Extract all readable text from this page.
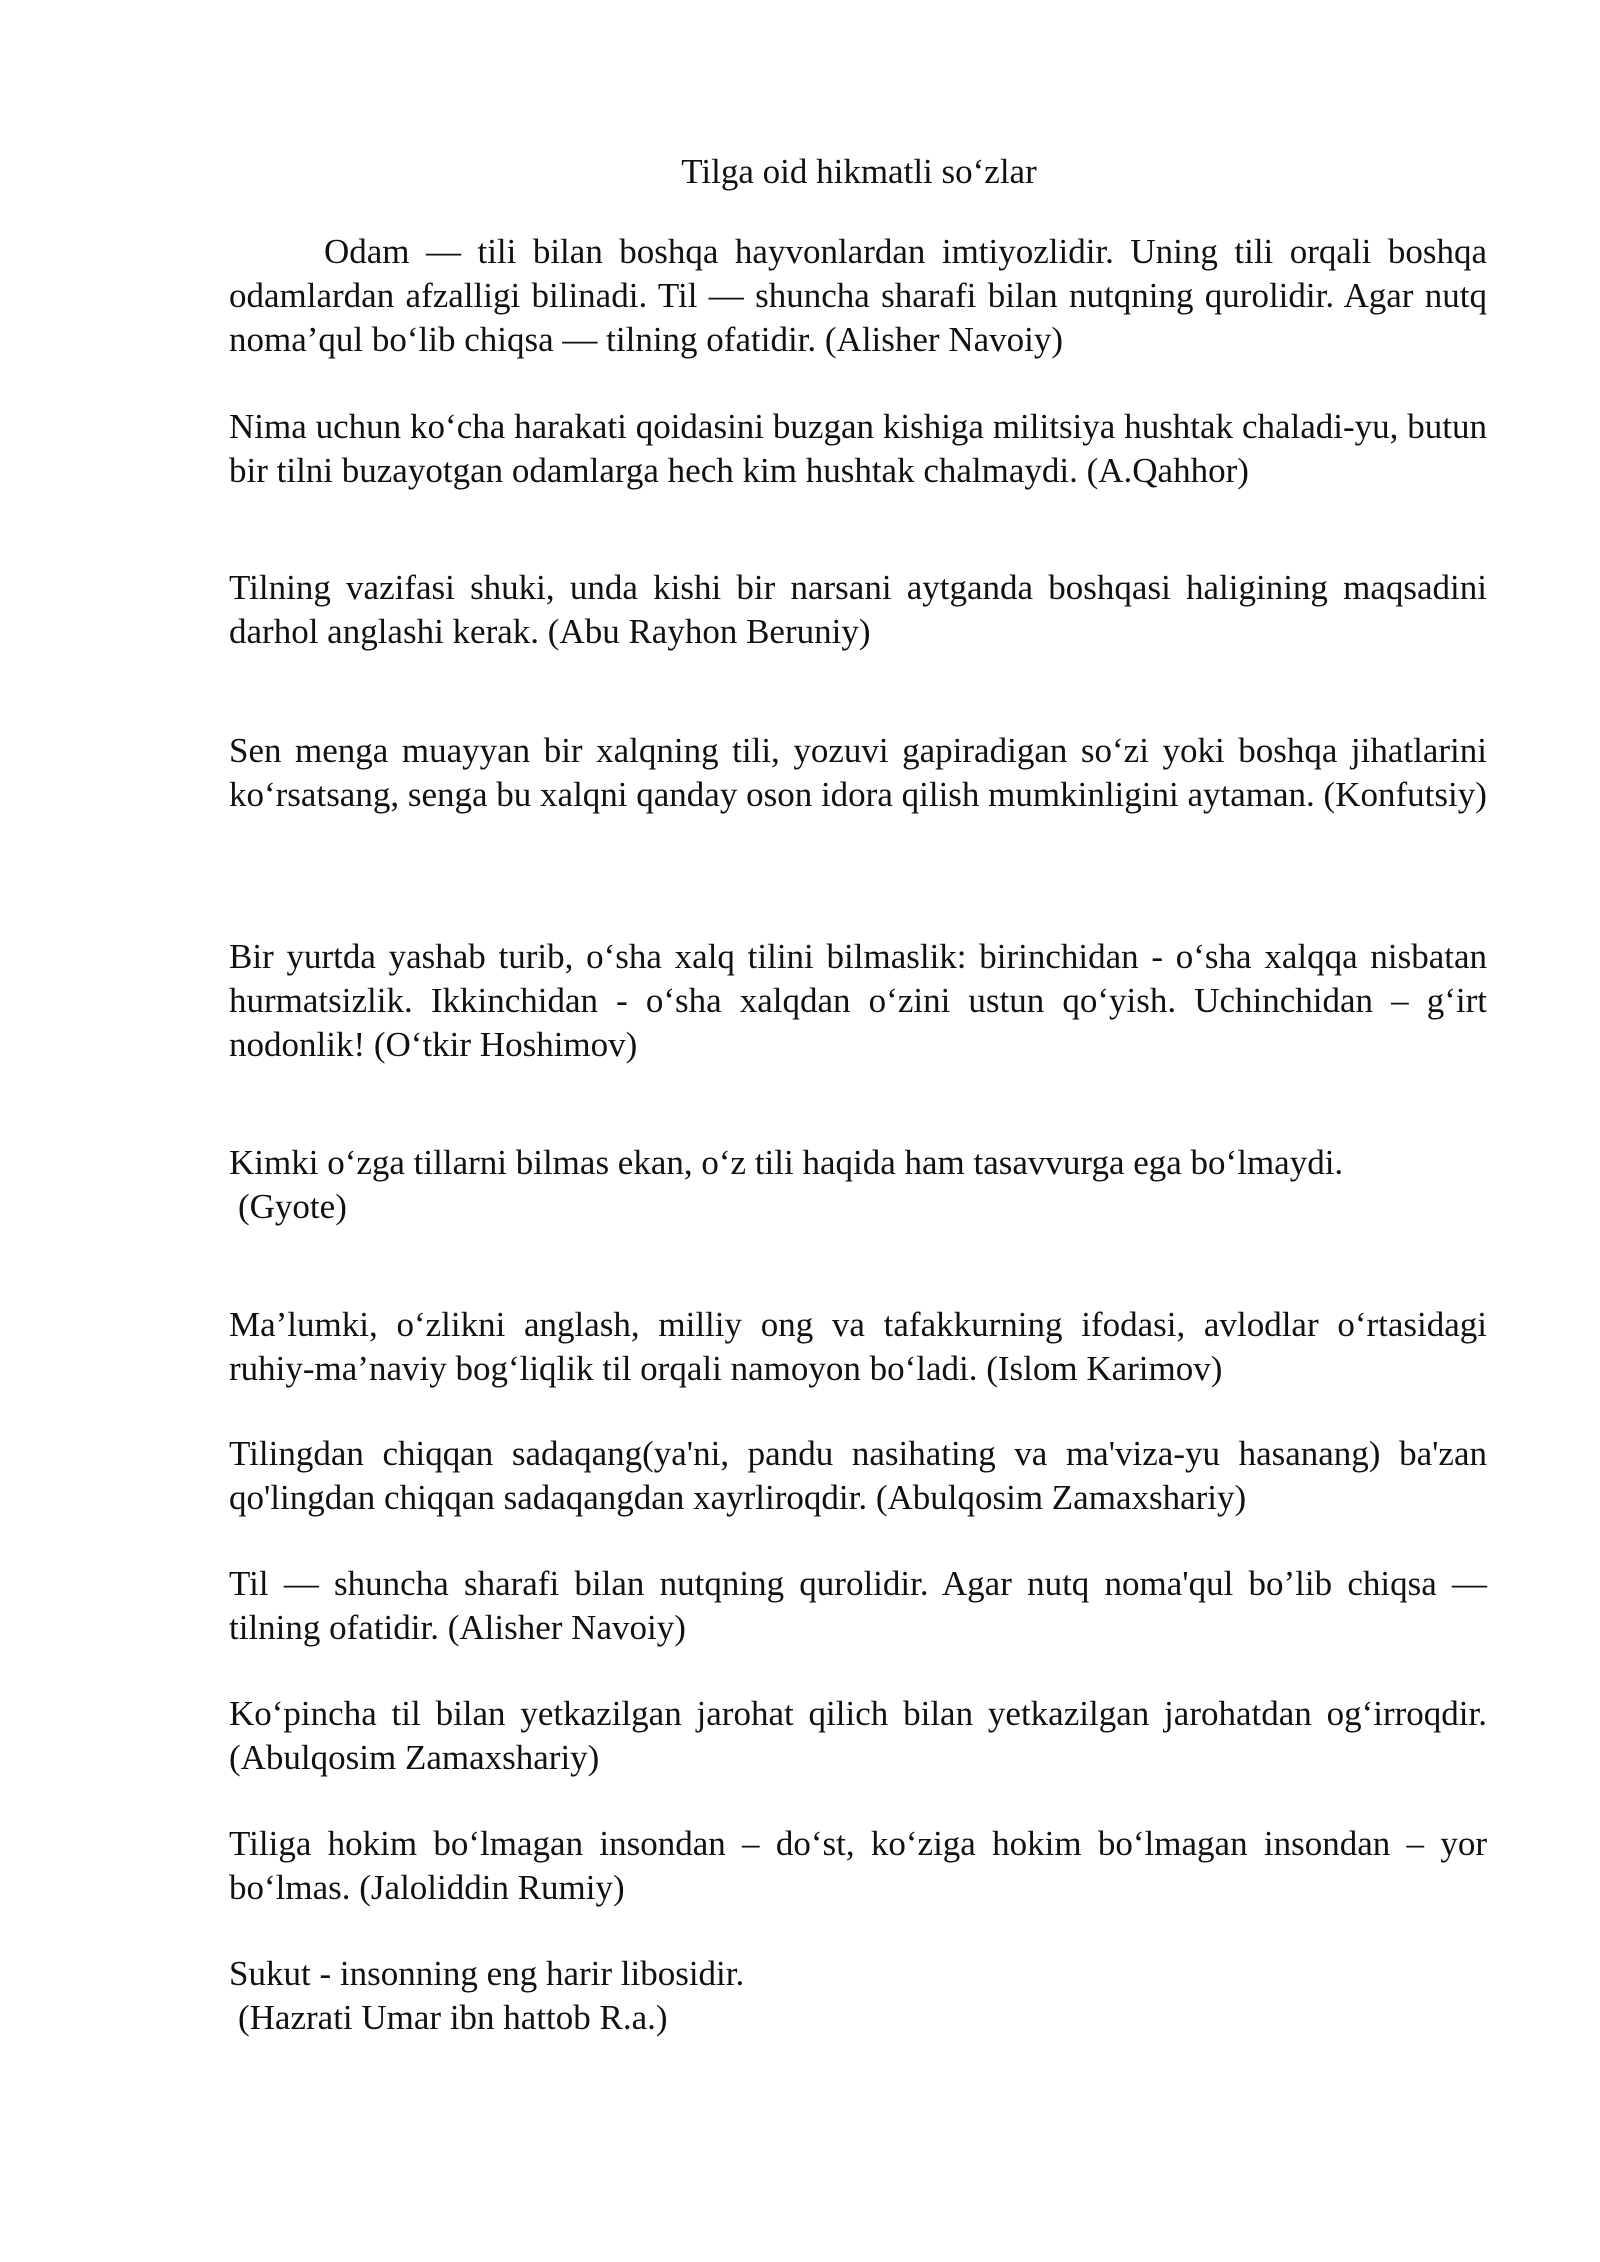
Tilga oid hikmatli so‘zlar

Odam — tili bilan boshqa hayvonlardan imtiyozlidir. Uning tili orqali boshqa odamlardan afzalligi bilinadi. Til — shuncha sharafi bilan nutqning qurolidir. Agar nutq noma’qul bo‘lib chiqsa — tilning ofatidir. (Alisher Navoiy)

Nima uchun ko‘cha harakati qoidasini buzgan kishiga militsiya hushtak chaladi-yu, butun bir tilni buzayotgan odamlarga hech kim hushtak chalmaydi. (A.Qahhor)

Tilning vazifasi shuki, unda kishi bir narsani aytganda boshqasi haligining maqsadini darhol anglashi kerak. (Abu Rayhon Beruniy)

Sen menga muayyan bir xalqning tili, yozuvi gapiradigan so‘zi yoki boshqa jihatlarini ko‘rsatsang, senga bu xalqni qanday oson idora qilish mumkinligini aytaman. (Konfutsiy)

Bir yurtda yashab turib, o‘sha xalq tilini bilmaslik: birinchidan - o‘sha xalqqa nisbatan hurmatsizlik. Ikkinchidan - o‘sha xalqdan o‘zini ustun qo‘yish. Uchinchidan – g‘irt nodonlik! (O‘tkir Hoshimov)

Kimki o‘zga tillarni bilmas ekan, o‘z tili haqida ham tasavvurga ega bo‘lmaydi.
(Gyote)

Ma’lumki, o‘zlikni anglash, milliy ong va tafakkurning ifodasi, avlodlar o‘rtasidagi ruhiy-ma’naviy bog‘liqlik til orqali namoyon bo‘ladi. (Islom Karimov)

Tilingdan chiqqan sadaqang(ya'ni, pandu nasihating va ma'viza-yu hasanang) ba'zan qo'lingdan chiqqan sadaqangdan xayrliroqdir. (Abulqosim Zamaxshariy)

Til — shuncha sharafi bilan nutqning qurolidir. Agar nutq noma'qul bo’lib chiqsa — tilning ofatidir. (Alisher Navoiy)

Ko‘pincha til bilan yetkazilgan jarohat qilich bilan yetkazilgan jarohatdan og‘irroqdir. (Abulqosim Zamaxshariy)

Tiliga hokim bo‘lmagan insondan – do‘st, ko‘ziga hokim bo‘lmagan insondan – yor bo‘lmas. (Jaloliddin Rumiy)

Sukut - insonning eng harir libosidir.
(Hazrati Umar ibn hattob R.a.)
